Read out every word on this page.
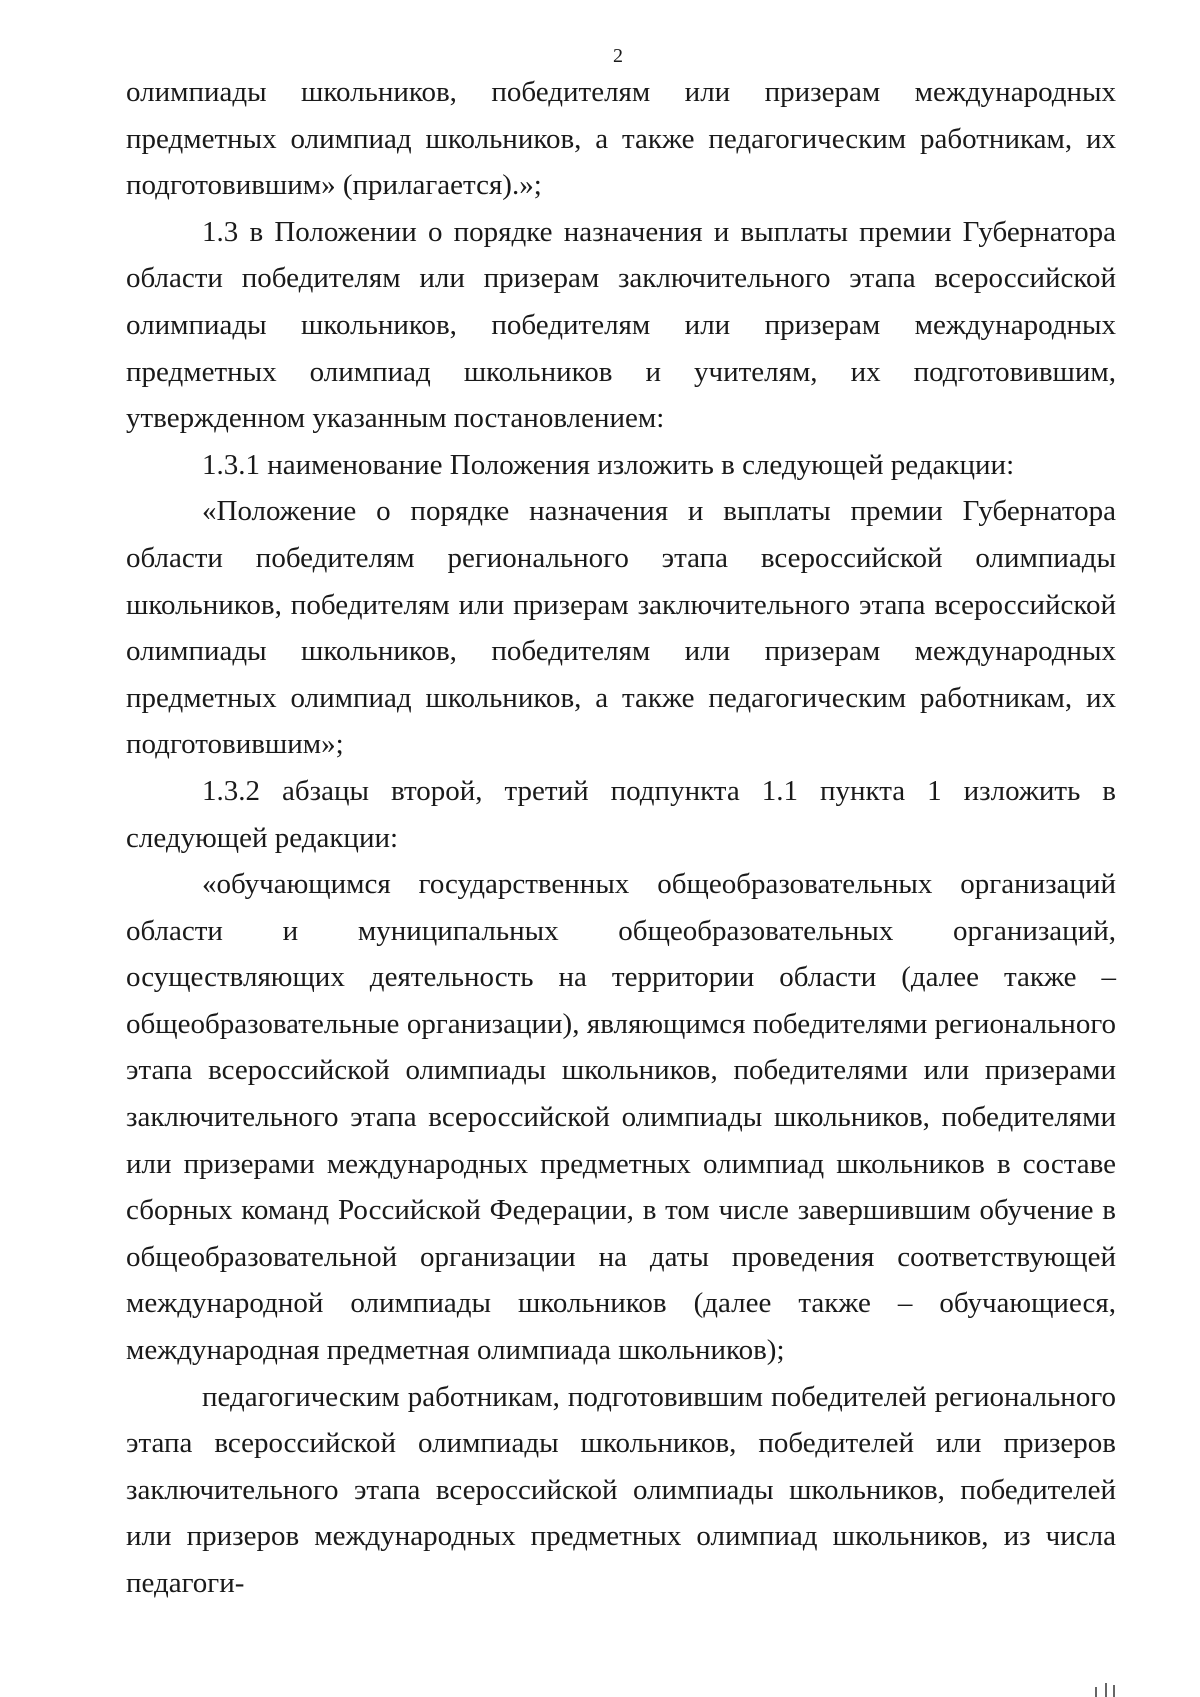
2

олимпиады школьников, победителям или призерам международных предметных олимпиад школьников, а также педагогическим работникам, их подготовившим» (прилагается).»;

1.3 в Положении о порядке назначения и выплаты премии Губернатора области победителям или призерам заключительного этапа всероссийской олимпиады школьников, победителям или призерам международных предметных олимпиад школьников и учителям, их подготовившим, утвержденном указанным постановлением:

1.3.1 наименование Положения изложить в следующей редакции:

«Положение о порядке назначения и выплаты премии Губернатора области победителям регионального этапа всероссийской олимпиады школьников, победителям или призерам заключительного этапа всероссийской олимпиады школьников, победителям или призерам международных предметных олимпиад школьников, а также педагогическим работникам, их подготовившим»;

1.3.2 абзацы второй, третий подпункта 1.1 пункта 1 изложить в следующей редакции:

«обучающимся государственных общеобразовательных организаций области и муниципальных общеобразовательных организаций, осуществляющих деятельность на территории области (далее также – общеобразовательные организации), являющимся победителями регионального этапа всероссийской олимпиады школьников, победителями или призерами заключительного этапа всероссийской олимпиады школьников, победителями или призерами международных предметных олимпиад школьников в составе сборных команд Российской Федерации, в том числе завершившим обучение в общеобразовательной организации на даты проведения соответствующей международной олимпиады школьников (далее также – обучающиеся, международная предметная олимпиада школьников);

педагогическим работникам, подготовившим победителей регионального этапа всероссийской олимпиады школьников, победителей или призеров заключительного этапа всероссийской олимпиады школьников, победителей или призеров международных предметных олимпиад школьников, из числа педагоги-
